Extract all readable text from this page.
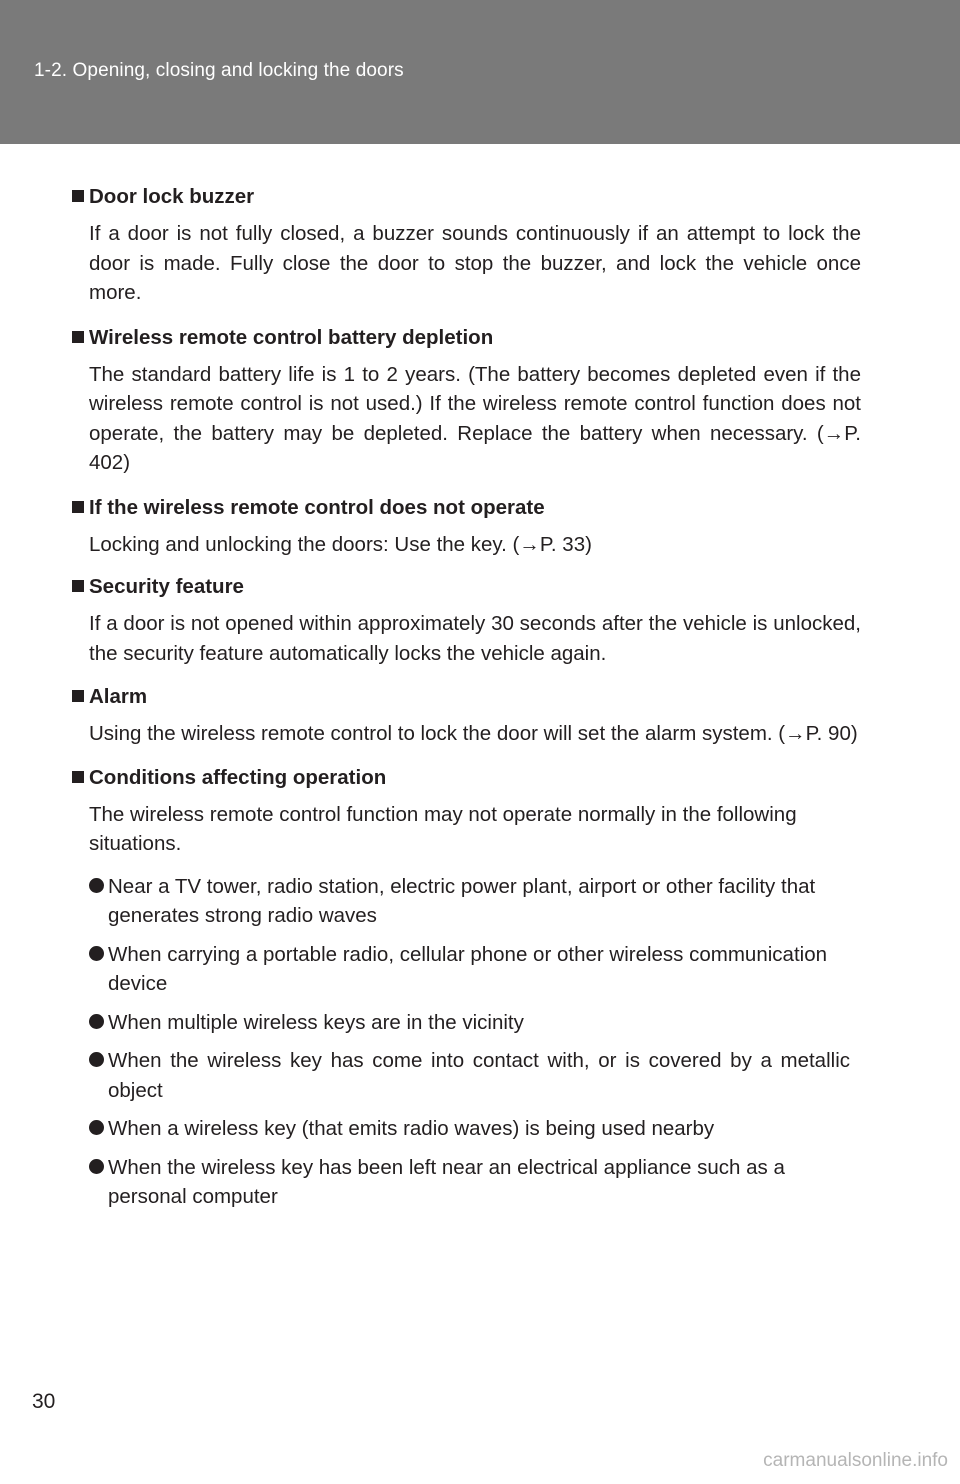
1-2. Opening, closing and locking the doors
Door lock buzzer
If a door is not fully closed, a buzzer sounds continuously if an attempt to lock the door is made. Fully close the door to stop the buzzer, and lock the vehicle once more.
Wireless remote control battery depletion
The standard battery life is 1 to 2 years. (The battery becomes depleted even if the wireless remote control is not used.) If the wireless remote control function does not operate, the battery may be depleted. Replace the battery when necessary. (→P. 402)
If the wireless remote control does not operate
Locking and unlocking the doors: Use the key. (→P. 33)
Security feature
If a door is not opened within approximately 30 seconds after the vehicle is unlocked, the security feature automatically locks the vehicle again.
Alarm
Using the wireless remote control to lock the door will set the alarm system. (→P. 90)
Conditions affecting operation
The wireless remote control function may not operate normally in the following situations.
Near a TV tower, radio station, electric power plant, airport or other facility that generates strong radio waves
When carrying a portable radio, cellular phone or other wireless communication device
When multiple wireless keys are in the vicinity
When the wireless key has come into contact with, or is covered by a metallic object
When a wireless key (that emits radio waves) is being used nearby
When the wireless key has been left near an electrical appliance such as a personal computer
30
carmanualsonline.info
